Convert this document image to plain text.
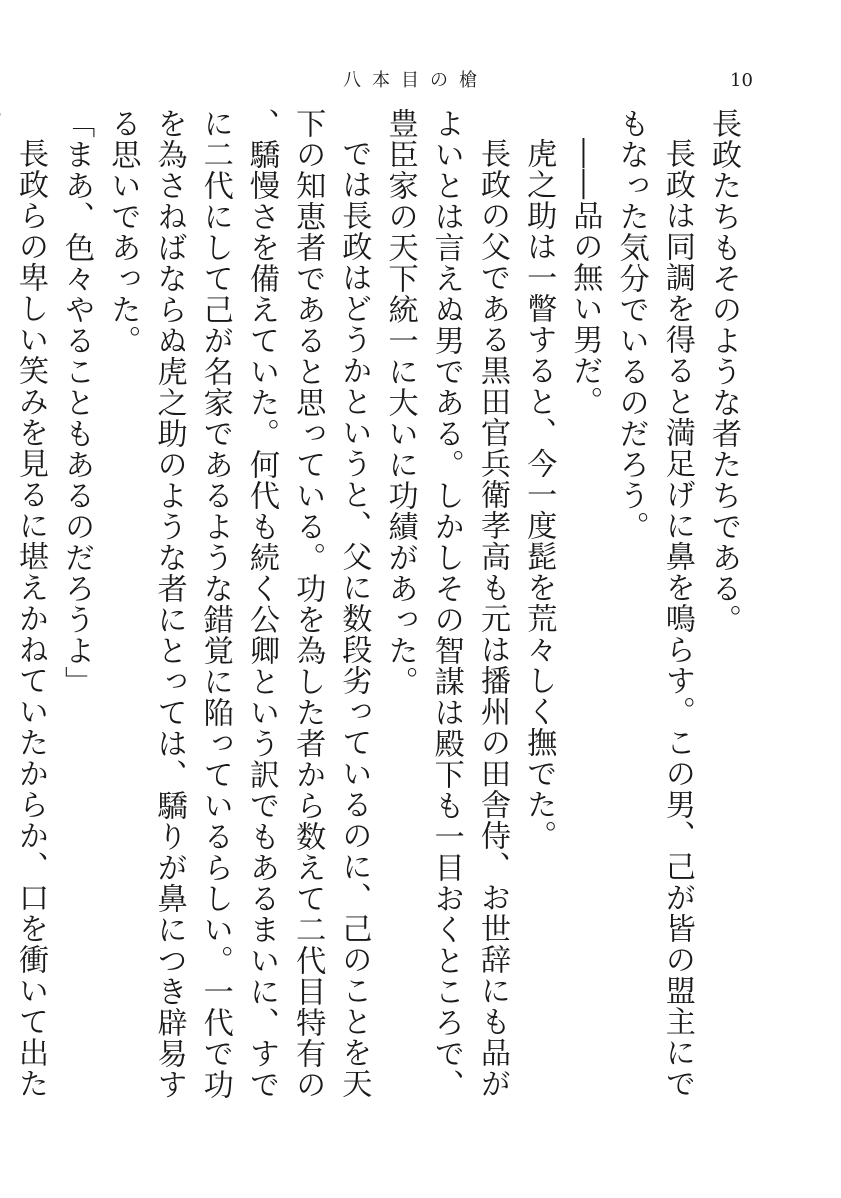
八本目の槍	10

長政たちもそのような者たちである。

長政は同調を得ると満足げに鼻を鳴らす。この男、己が皆の盟主にでもなった気分でいるのだろう。

――品の無い男だ。

虎之助は一瞥すると、今一度髭を荒々しく撫でた。

長政の父である黒田官兵衛孝高も元は播州の田舎侍、お世辞にも品がよいとは言えぬ男である。しかしその智謀は殿下も一目おくところで、豊臣家の天下統一に大いに功績があった。

では長政はどうかというと、父に数段劣っているのに、己のことを天下の知恵者であると思っている。功を為した者から数えて二代目特有の、驕慢さを備えていた。何代も続く公卿という訳でもあるまいに、すでに二代にして己が名家であるような錯覚に陥っているらしい。一代で功を為さねばならぬ虎之助のような者にとっては、驕りが鼻につき辟易する思いであった。

「まあ、色々やることもあるのだろうよ」

長政らの卑しい笑みを見るに堪えかねていたからか、口を衝いて出た
